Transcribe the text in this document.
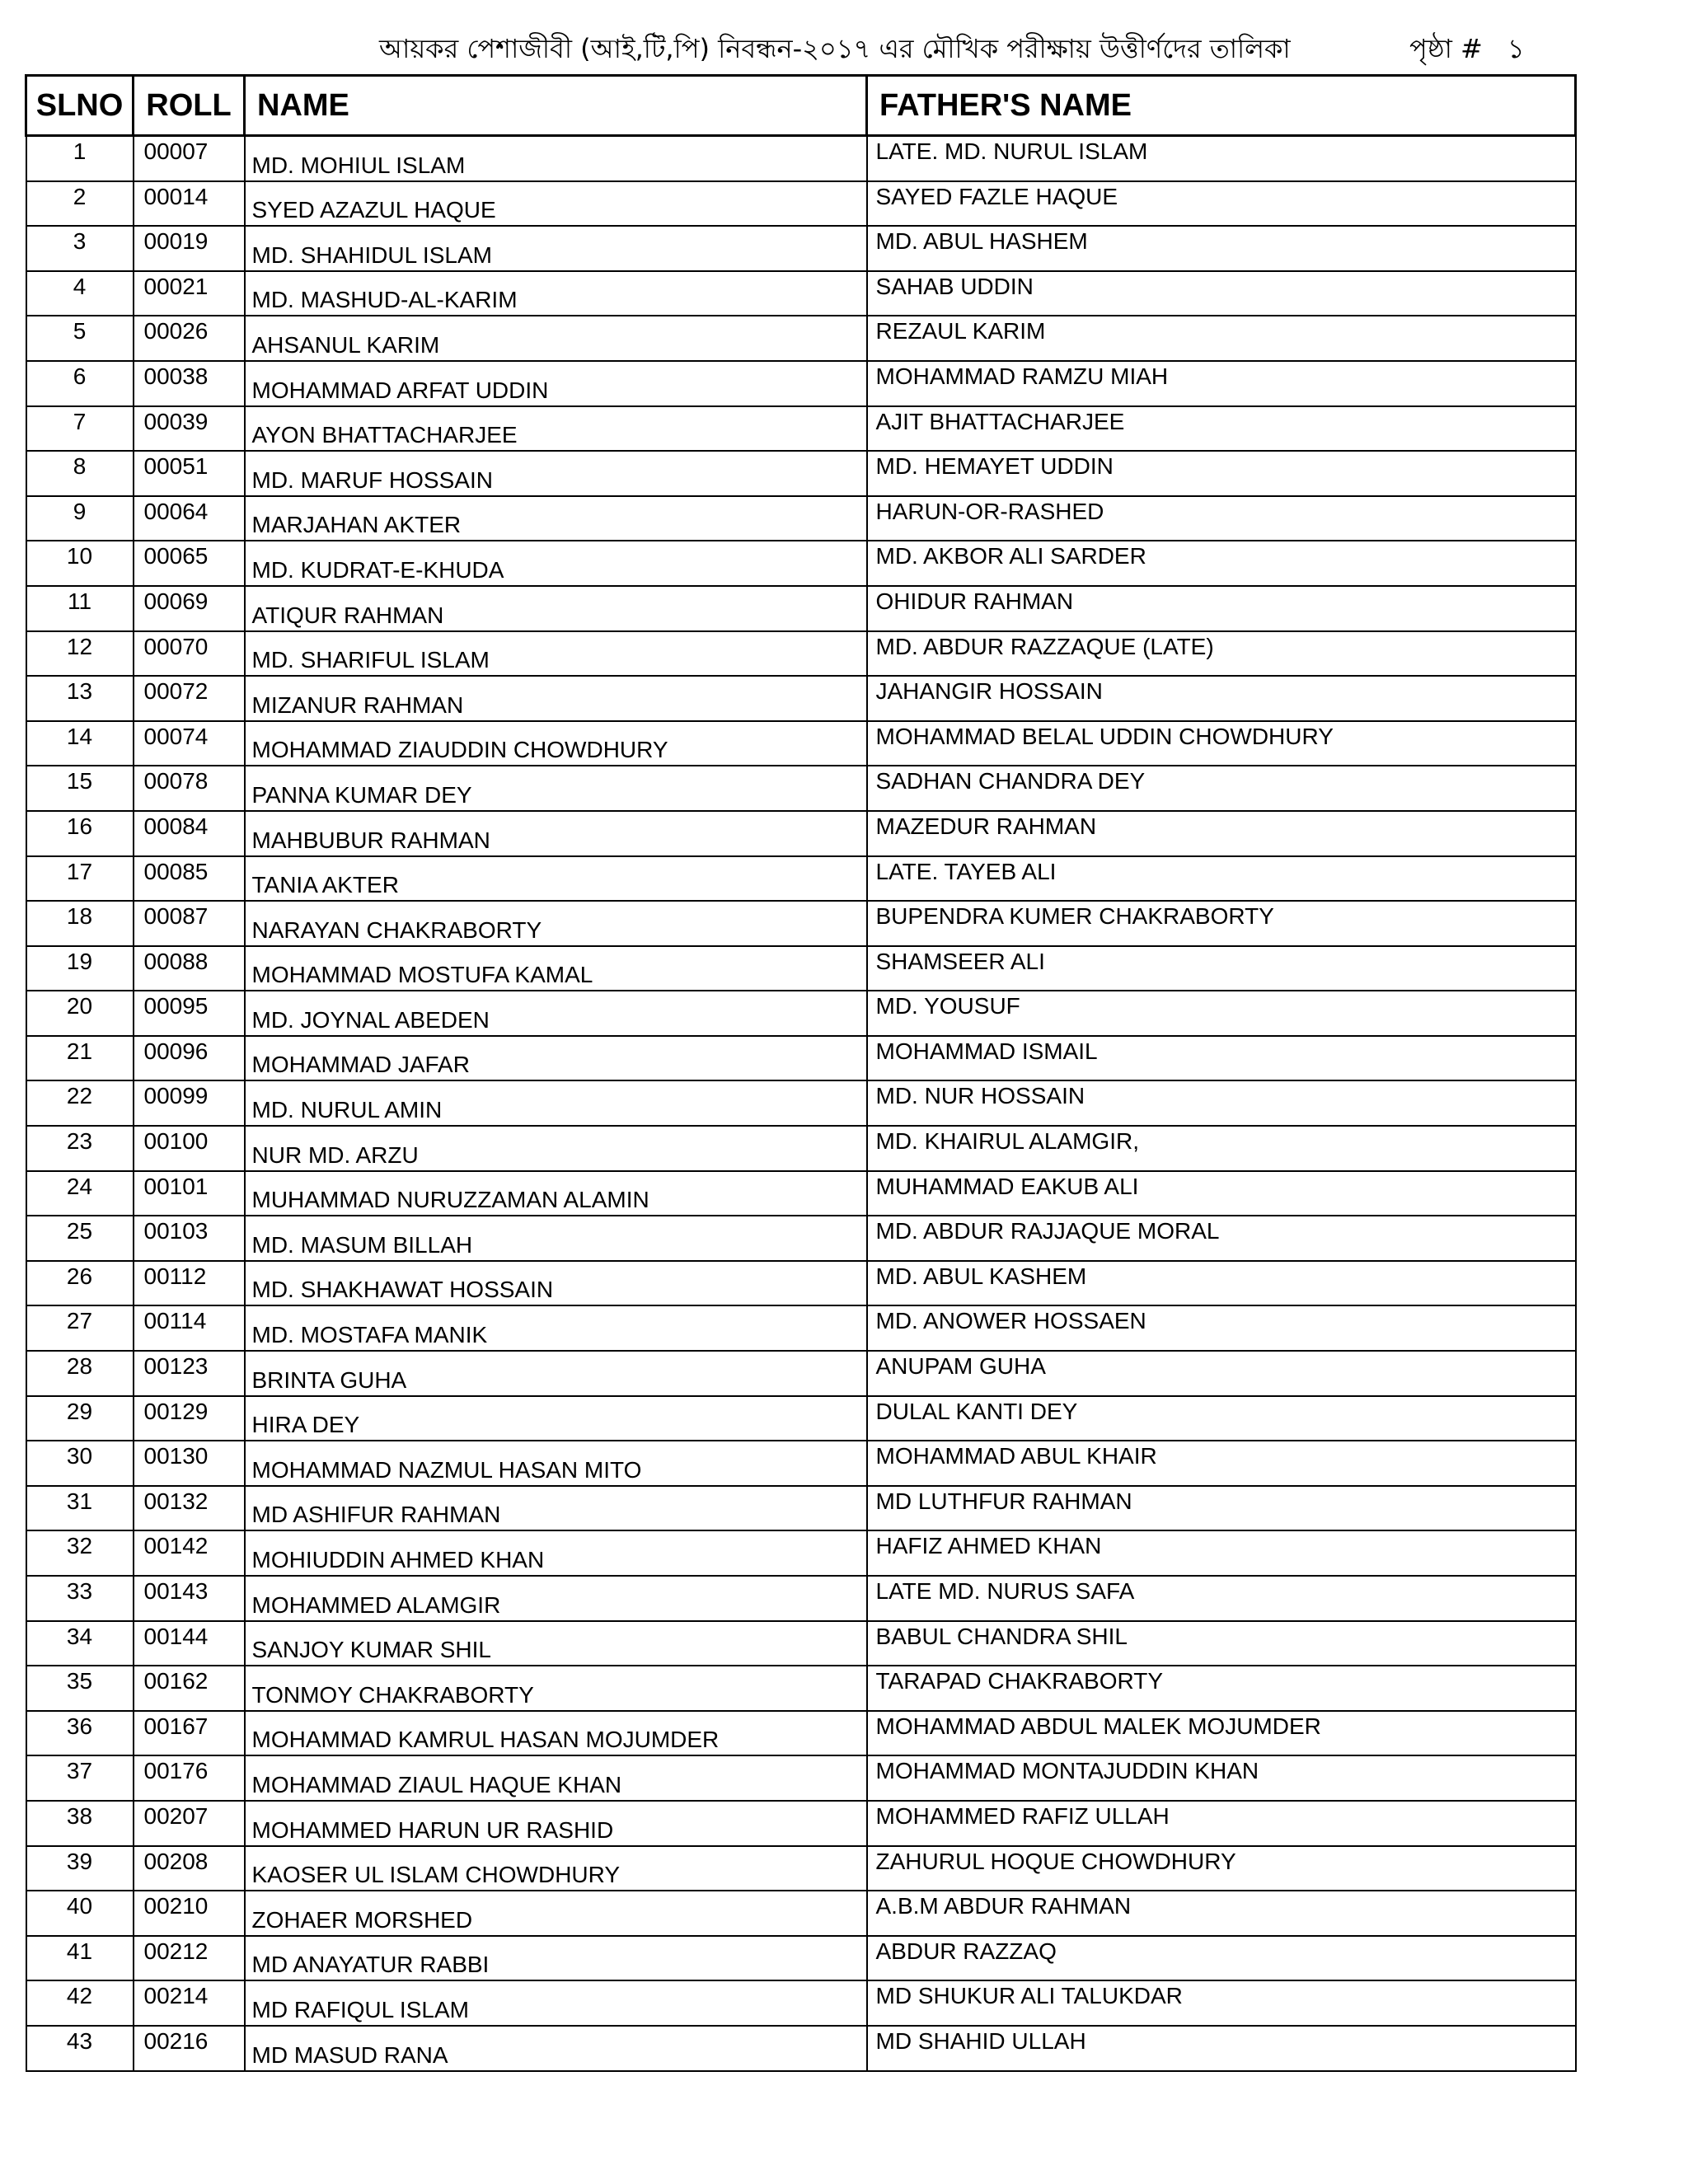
আয়কর পেশাজীবী (আই,টি,পি) নিবন্ধন-২০১৭ এর মৌখিক পরীক্ষায় উত্তীর্ণদের তালিকা	পৃষ্ঠা # ১
SLNO	ROLL	NAME	FATHER'S NAME
1	00007	MD. MOHIUL ISLAM	LATE. MD. NURUL ISLAM
2	00014	SYED AZAZUL HAQUE	SAYED FAZLE HAQUE
3	00019	MD. SHAHIDUL ISLAM	MD. ABUL HASHEM
4	00021	MD. MASHUD-AL-KARIM	SAHAB UDDIN
5	00026	AHSANUL KARIM	REZAUL KARIM
6	00038	MOHAMMAD ARFAT UDDIN	MOHAMMAD RAMZU MIAH
7	00039	AYON BHATTACHARJEE	AJIT BHATTACHARJEE
8	00051	MD. MARUF HOSSAIN	MD. HEMAYET UDDIN
9	00064	MARJAHAN AKTER	HARUN-OR-RASHED
10	00065	MD. KUDRAT-E-KHUDA	MD. AKBOR ALI SARDER
11	00069	ATIQUR RAHMAN	OHIDUR RAHMAN
12	00070	MD. SHARIFUL ISLAM	MD. ABDUR RAZZAQUE (LATE)
13	00072	MIZANUR RAHMAN	JAHANGIR HOSSAIN
14	00074	MOHAMMAD ZIAUDDIN CHOWDHURY	MOHAMMAD BELAL UDDIN CHOWDHURY
15	00078	PANNA KUMAR DEY	SADHAN CHANDRA DEY
16	00084	MAHBUBUR RAHMAN	MAZEDUR RAHMAN
17	00085	TANIA AKTER	LATE. TAYEB ALI
18	00087	NARAYAN CHAKRABORTY	BUPENDRA KUMER CHAKRABORTY
19	00088	MOHAMMAD MOSTUFA KAMAL	SHAMSEER ALI
20	00095	MD. JOYNAL ABEDEN	MD. YOUSUF
21	00096	MOHAMMAD JAFAR	MOHAMMAD ISMAIL
22	00099	MD. NURUL AMIN	MD. NUR HOSSAIN
23	00100	NUR MD. ARZU	MD. KHAIRUL ALAMGIR,
24	00101	MUHAMMAD NURUZZAMAN ALAMIN	MUHAMMAD EAKUB ALI
25	00103	MD. MASUM BILLAH	MD. ABDUR RAJJAQUE MORAL
26	00112	MD. SHAKHAWAT HOSSAIN	MD. ABUL KASHEM
27	00114	MD. MOSTAFA MANIK	MD. ANOWER HOSSAEN
28	00123	BRINTA GUHA	ANUPAM GUHA
29	00129	HIRA DEY	DULAL KANTI DEY
30	00130	MOHAMMAD NAZMUL HASAN MITO	MOHAMMAD ABUL KHAIR
31	00132	MD ASHIFUR RAHMAN	MD LUTHFUR RAHMAN
32	00142	MOHIUDDIN AHMED KHAN	HAFIZ AHMED KHAN
33	00143	MOHAMMED ALAMGIR	LATE MD. NURUS SAFA
34	00144	SANJOY KUMAR SHIL	BABUL CHANDRA SHIL
35	00162	TONMOY CHAKRABORTY	TARAPAD CHAKRABORTY
36	00167	MOHAMMAD KAMRUL HASAN MOJUMDER	MOHAMMAD ABDUL MALEK MOJUMDER
37	00176	MOHAMMAD ZIAUL HAQUE KHAN	MOHAMMAD MONTAJUDDIN KHAN
38	00207	MOHAMMED HARUN UR RASHID	MOHAMMED RAFIZ ULLAH
39	00208	KAOSER UL ISLAM CHOWDHURY	ZAHURUL HOQUE CHOWDHURY
40	00210	ZOHAER MORSHED	A.B.M ABDUR RAHMAN
41	00212	MD ANAYATUR RABBI	ABDUR RAZZAQ
42	00214	MD RAFIQUL ISLAM	MD SHUKUR ALI TALUKDAR
43	00216	MD MASUD RANA	MD SHAHID ULLAH
